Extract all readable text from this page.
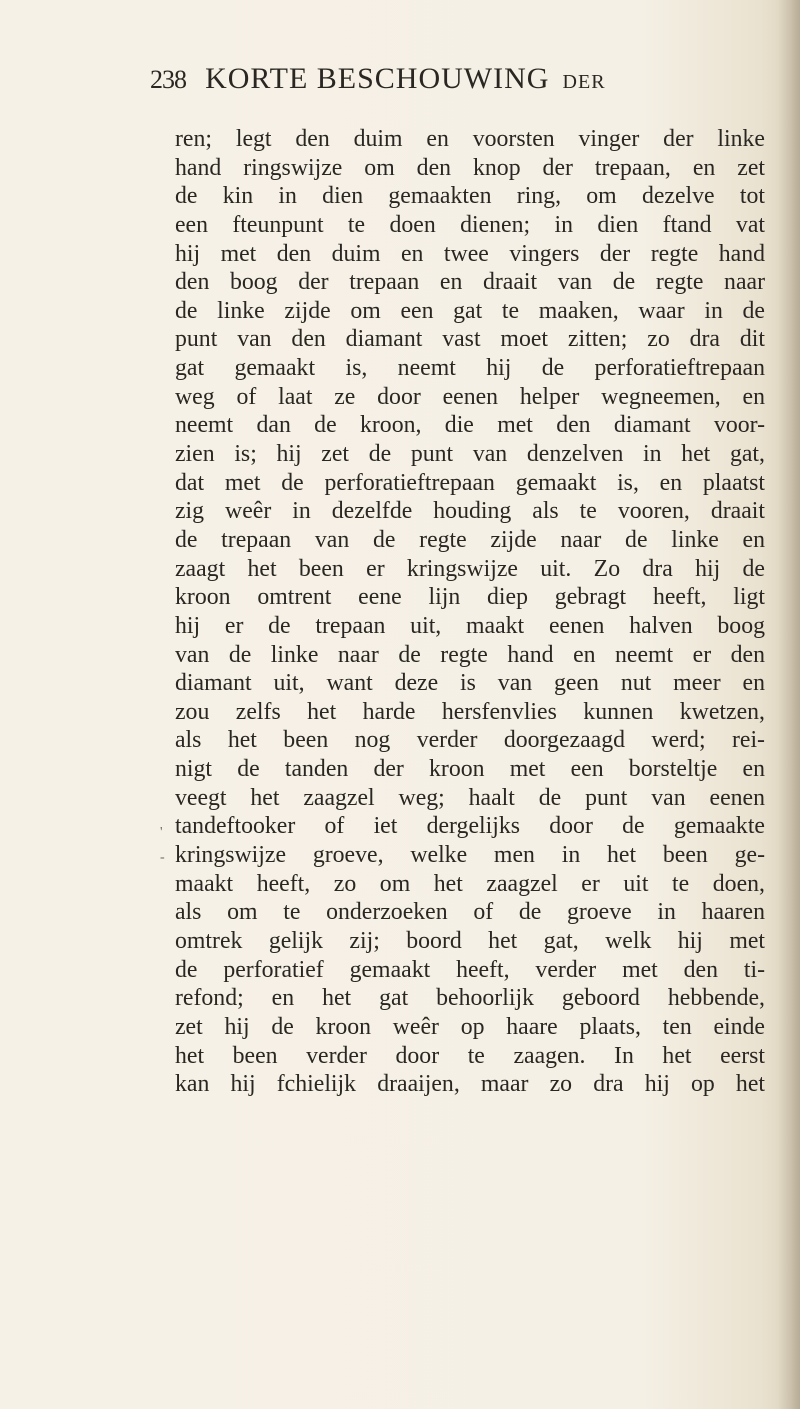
238 KORTE BESCHOUWING DER
ren; legt den duim en voorsten vinger der linke
hand ringswijze om den knop der trepaan, en zet
de kin in dien gemaakten ring, om dezelve tot
een fteunpunt te doen dienen; in dien ftand vat
hij met den duim en twee vingers der regte hand
den boog der trepaan en draait van de regte naar
de linke zijde om een gat te maaken, waar in de
punt van den diamant vast moet zitten; zo dra dit
gat gemaakt is, neemt hij de perforatieftrepaan
weg of laat ze door eenen helper wegneemen, en
neemt dan de kroon, die met den diamant voor-
zien is; hij zet de punt van denzelven in het gat,
dat met de perforatieftrepaan gemaakt is, en plaatst
zig weêr in dezelfde houding als te vooren, draait
de trepaan van de regte zijde naar de linke en
zaagt het been er kringswijze uit. Zo dra hij de
kroon omtrent eene lijn diep gebragt heeft, ligt
hij er de trepaan uit, maakt eenen halven boog
van de linke naar de regte hand en neemt er den
diamant uit, want deze is van geen nut meer en
zou zelfs het harde hersfenvlies kunnen kwetzen,
als het been nog verder doorgezaagd werd; rei-
nigt de tanden der kroon met een borsteltje en
veegt het zaagzel weg; haalt de punt van eenen
tandeftooker of iet dergelijks door de gemaakte
kringswijze groeve, welke men in het been ge-
maakt heeft, zo om het zaagzel er uit te doen,
als om te onderzoeken of de groeve in haaren
omtrek gelijk zij; boord het gat, welk hij met
de perforatief gemaakt heeft, verder met den ti-
refond; en het gat behoorlijk geboord hebbende,
zet hij de kroon weêr op haare plaats, ten einde
het been verder door te zaagen. In het eerst
kan hij fchielijk draaijen, maar zo dra hij op het
'
-
